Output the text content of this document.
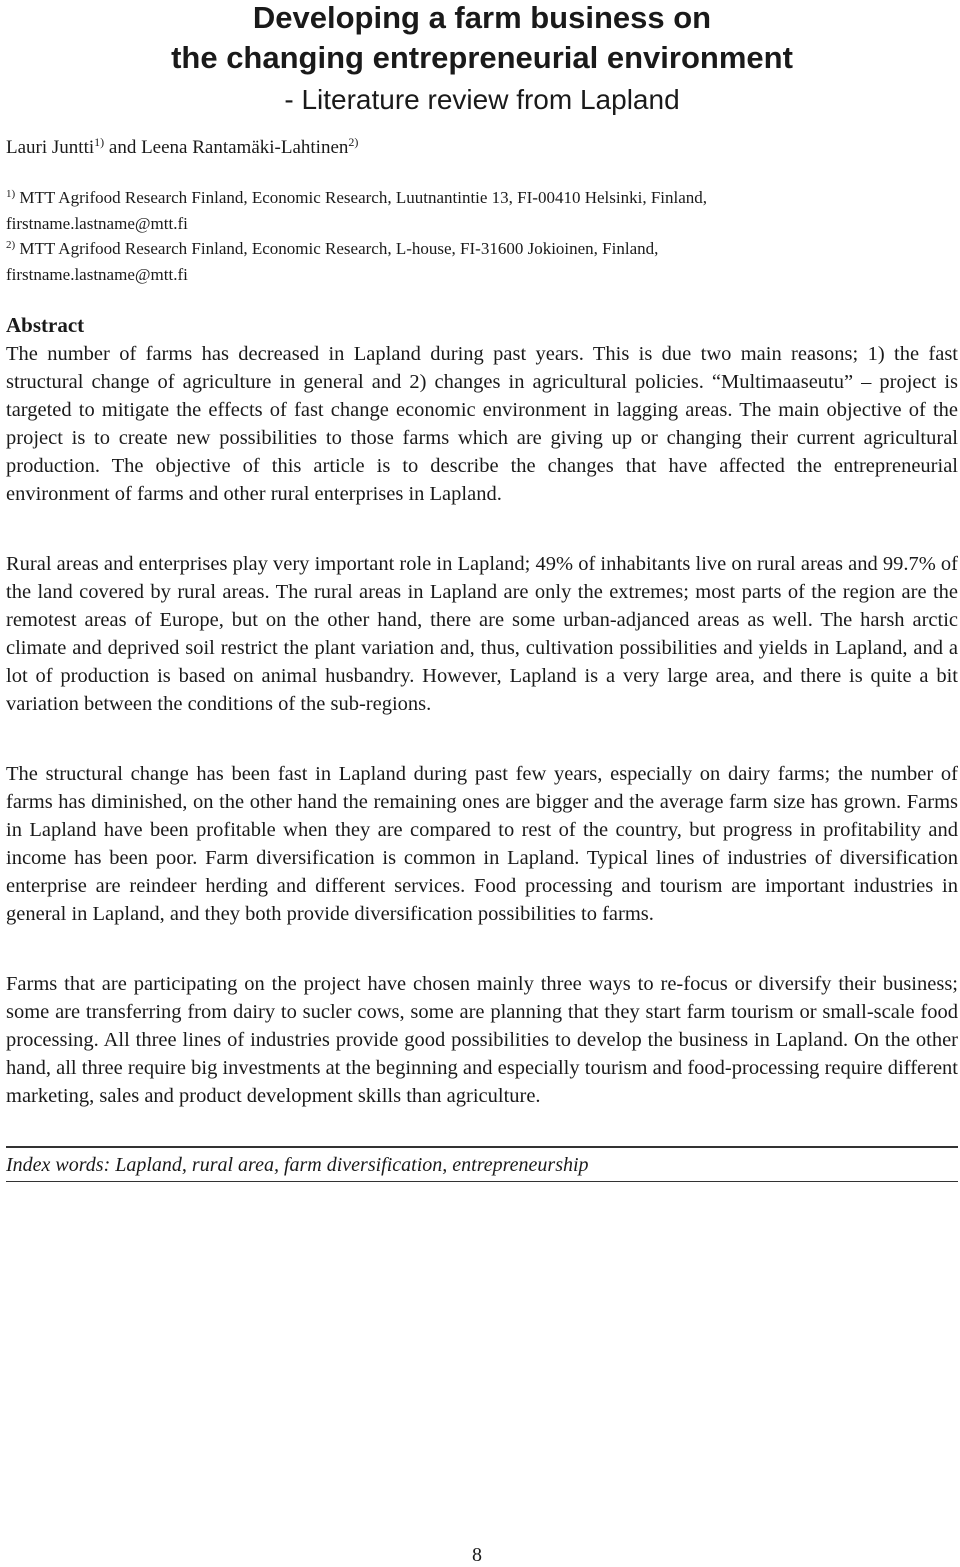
Developing a farm business on
the changing entrepreneurial environment
- Literature review from Lapland
Lauri Juntti$^{1)}$ and Leena Rantamäki-Lahtinen$^{2)}$
$^{1)}$ MTT Agrifood Research Finland, Economic Research, Luutnantintie 13, FI-00410 Helsinki, Finland,
firstname.lastname@mtt.fi
$^{2)}$ MTT Agrifood Research Finland, Economic Research, L-house, FI-31600 Jokioinen, Finland,
firstname.lastname@mtt.fi
Abstract

The number of farms has decreased in Lapland during past years. This is due two main reasons; 1) the fast structural change of agriculture in general and 2) changes in agricultural policies. “Multimaaseutu” – project is targeted to mitigate the effects of fast change economic environment in lagging areas. The main objective of the project is to create new possibilities to those farms which are giving up or changing their current agricultural production. The objective of this article is to describe the changes that have affected the entrepreneurial environment of farms and other rural enterprises in Lapland.

Rural areas and enterprises play very important role in Lapland; 49% of inhabitants live on rural areas and 99.7% of the land covered by rural areas. The rural areas in Lapland are only the extremes; most parts of the region are the remotest areas of Europe, but on the other hand, there are some urban-adjanced areas as well. The harsh arctic climate and deprived soil restrict the plant variation and, thus, cultivation possibilities and yields in Lapland, and a lot of production is based on animal husbandry. However, Lapland is a very large area, and there is quite a bit variation between the conditions of the sub-regions.

The structural change has been fast in Lapland during past few years, especially on dairy farms; the number of farms has diminished, on the other hand the remaining ones are bigger and the average farm size has grown. Farms in Lapland have been profitable when they are compared to rest of the country, but progress in profitability and income has been poor. Farm diversification is common in Lapland. Typical lines of industries of diversification enterprise are reindeer herding and different services. Food processing and tourism are important industries in general in Lapland, and they both provide diversification possibilities to farms.

Farms that are participating on the project have chosen mainly three ways to re-focus or diversify their business; some are transferring from dairy to sucler cows, some are planning that they start farm tourism or small-scale food processing. All three lines of industries provide good possibilities to develop the business in Lapland. On the other hand, all three require big investments at the beginning and especially tourism and food-processing require different marketing, sales and product development skills than agriculture.

Index words: Lapland, rural area, farm diversification, entrepreneurship
8
